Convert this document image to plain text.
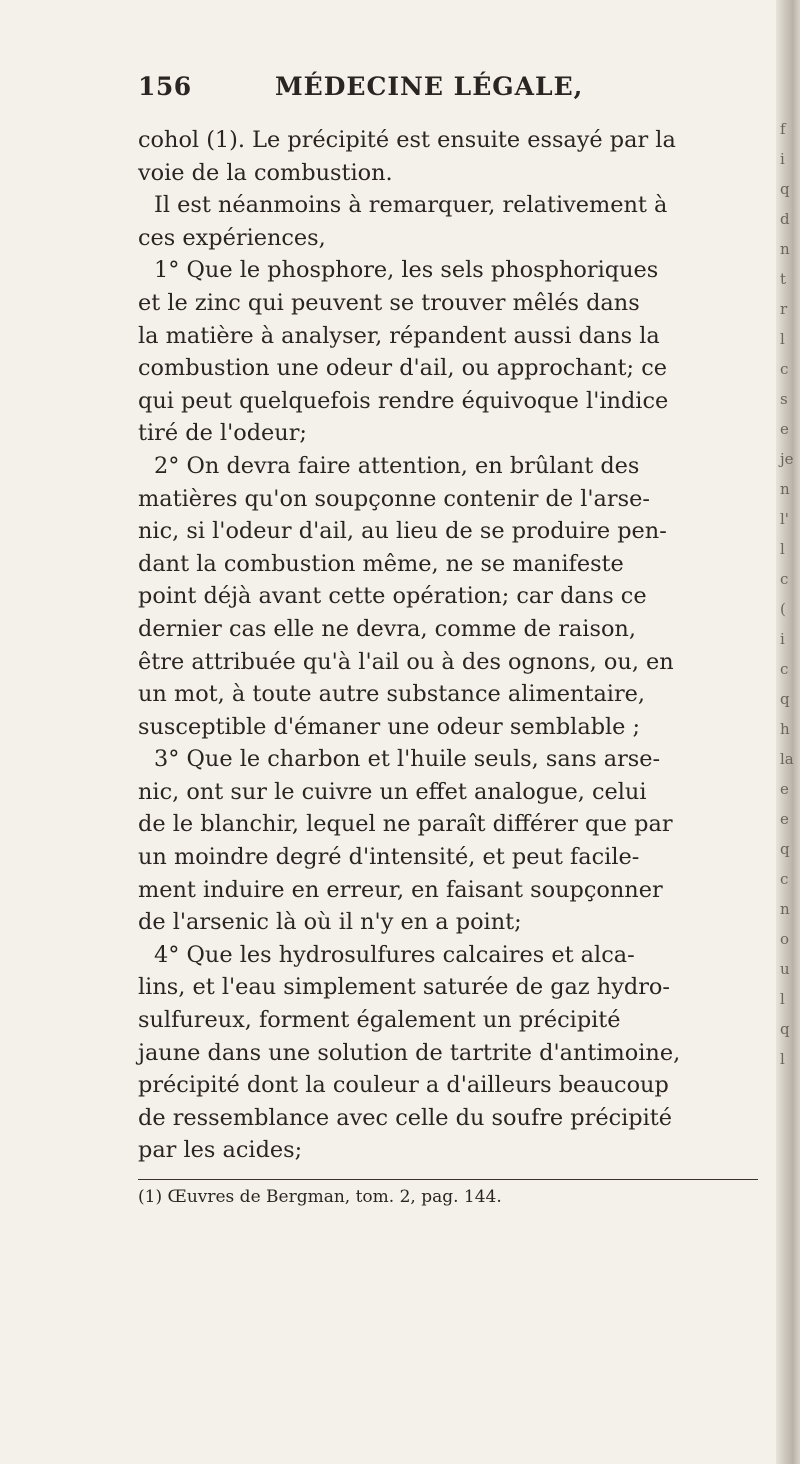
f
i
q
d
n
t
r
l
c
s
e
je
n
l'
l
c
(
i
c
q
h
la
e
e
q
c
n
o
u
l
q
l
156	MÉDECINE LÉGALE,
cohol (1). Le précipité est ensuite essayé par la
voie de la combustion.
Il est néanmoins à remarquer, relativement à
ces expériences,
1° Que le phosphore, les sels phosphoriques
et le zinc qui peuvent se trouver mêlés dans
la matière à analyser, répandent aussi dans la
combustion une odeur d'ail, ou approchant; ce
qui peut quelquefois rendre équivoque l'indice
tiré de l'odeur;
2° On devra faire attention, en brûlant des
matières qu'on soupçonne contenir de l'arse-
nic, si l'odeur d'ail, au lieu de se produire pen-
dant la combustion même, ne se manifeste
point déjà avant cette opération; car dans ce
dernier cas elle ne devra, comme de raison,
être attribuée qu'à l'ail ou à des ognons, ou, en
un mot, à toute autre substance alimentaire,
susceptible d'émaner une odeur semblable ;
3° Que le charbon et l'huile seuls, sans arse-
nic, ont sur le cuivre un effet analogue, celui
de le blanchir, lequel ne paraît différer que par
un moindre degré d'intensité, et peut facile-
ment induire en erreur, en faisant soupçonner
de l'arsenic là où il n'y en a point;
4° Que les hydrosulfures calcaires et alca-
lins, et l'eau simplement saturée de gaz hydro-
sulfureux, forment également un précipité
jaune dans une solution de tartrite d'antimoine,
précipité dont la couleur a d'ailleurs beaucoup
de ressemblance avec celle du soufre précipité
par les acides;
(1) Œuvres de Bergman, tom. 2, pag. 144.
